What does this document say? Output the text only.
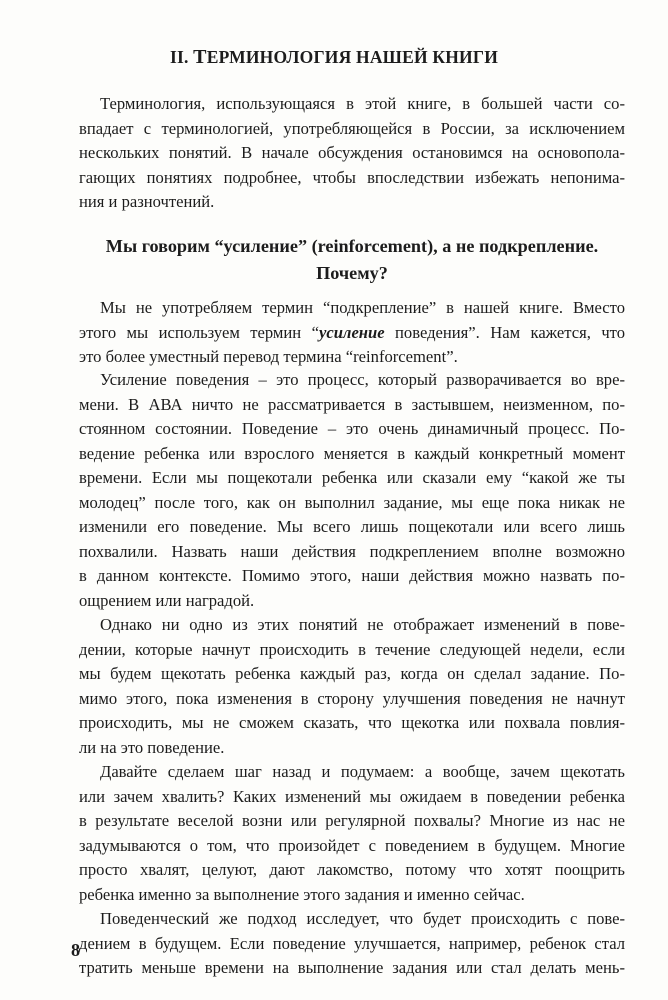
II. ТЕРМИНОЛОГИЯ НАШЕЙ КНИГИ
Терминология, использующаяся в этой книге, в большей части со-
впадает с терминологией, употребляющейся в России, за исключением
нескольких понятий. В начале обсуждения остановимся на основопола-
гающих понятиях подробнее, чтобы впоследствии избежать непонима-
ния и разночтений.
Мы говорим “усиление” (reinforcement), а не подкрепление.
Почему?
Мы не употребляем термин “подкрепление” в нашей книге. Вместо
этого мы используем термин “усиление поведения”. Нам кажется, что
это более уместный перевод термина “reinforcement”.
Усиление поведения – это процесс, который разворачивается во вре-
мени. В АВА ничто не рассматривается в застывшем, неизменном, по-
стоянном состоянии. Поведение – это очень динамичный процесс. По-
ведение ребенка или взрослого меняется в каждый конкретный момент
времени. Если мы пощекотали ребенка или сказали ему “какой же ты
молодец” после того, как он выполнил задание, мы еще пока никак не
изменили его поведение. Мы всего лишь пощекотали или всего лишь
похвалили. Назвать наши действия подкреплением вполне возможно
в данном контексте. Помимо этого, наши действия можно назвать по-
ощрением или наградой.
Однако ни одно из этих понятий не отображает изменений в пове-
дении, которые начнут происходить в течение следующей недели, если
мы будем щекотать ребенка каждый раз, когда он сделал задание. По-
мимо этого, пока изменения в сторону улучшения поведения не начнут
происходить, мы не сможем сказать, что щекотка или похвала повлия-
ли на это поведение.
Давайте сделаем шаг назад и подумаем: а вообще, зачем щекотать
или зачем хвалить? Каких изменений мы ожидаем в поведении ребенка
в результате веселой возни или регулярной похвалы? Многие из нас не
задумываются о том, что произойдет с поведением в будущем. Многие
просто хвалят, целуют, дают лакомство, потому что хотят поощрить
ребенка именно за выполнение этого задания и именно сейчас.
Поведенческий же подход исследует, что будет происходить с пове-
дением в будущем. Если поведение улучшается, например, ребенок стал
тратить меньше времени на выполнение задания или стал делать мень-
8
